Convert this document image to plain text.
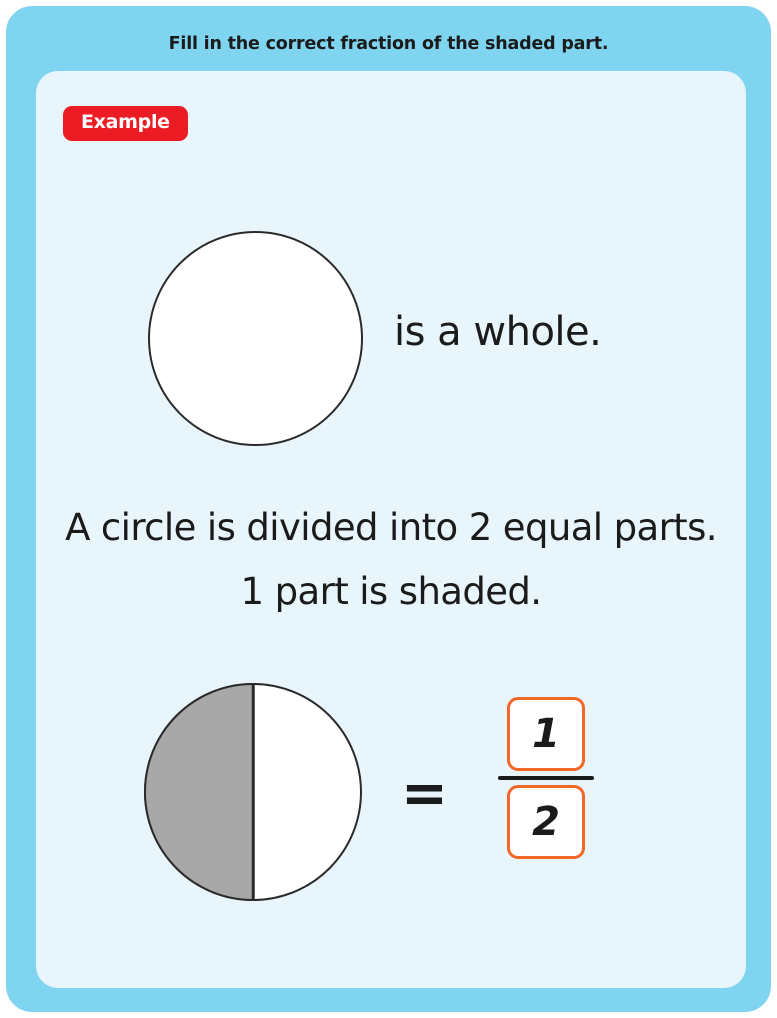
Fill in the correct fraction of the shaded part.
Example
is a whole.
A circle is divided into 2 equal parts.
1 part is shaded.
= $\frac{1}{2}$
